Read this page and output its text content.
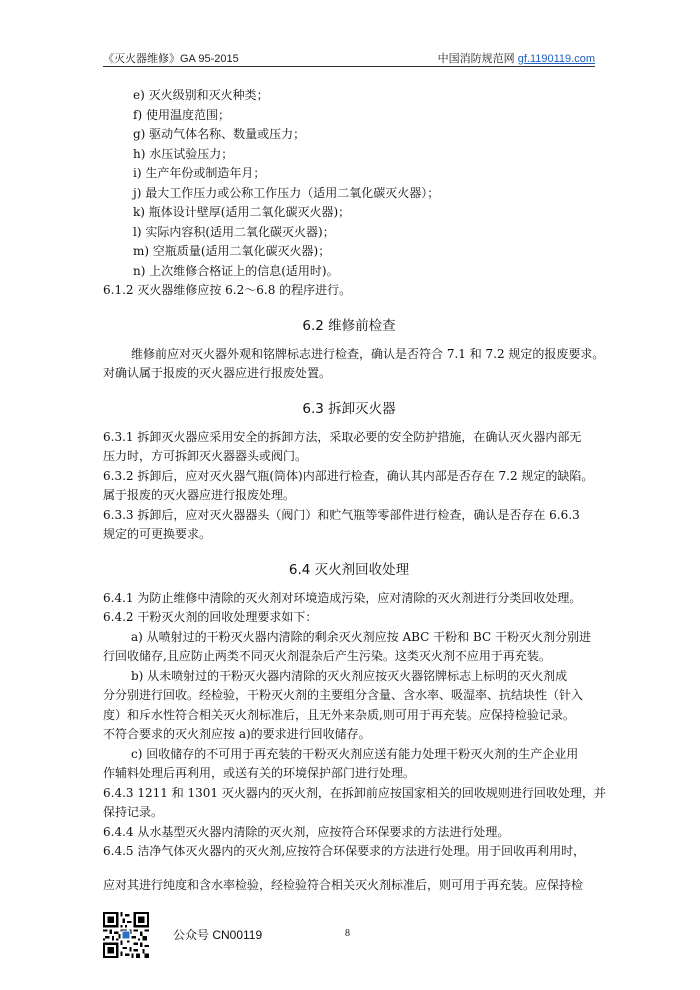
《灭火器维修》GA 95-2015	中国消防规范网 gf.1190119.com
e) 灭火级别和灭火种类；
f) 使用温度范围；
g) 驱动气体名称、数量或压力；
h) 水压试验压力；
i) 生产年份或制造年月；
j) 最大工作压力或公称工作压力（适用二氧化碳灭火器）；
k) 瓶体设计壁厚(适用二氧化碳灭火器)；
l) 实际内容积(适用二氧化碳灭火器)；
m) 空瓶质量(适用二氧化碳灭火器)；
n) 上次维修合格证上的信息(适用时)。
6.1.2 灭火器维修应按 6.2～6.8 的程序进行。
6.2 维修前检查
维修前应对灭火器外观和铭牌标志进行检查，确认是否符合 7.1 和 7.2 规定的报废要求。
对确认属于报废的灭火器应进行报废处置。
6.3 拆卸灭火器
6.3.1 拆卸灭火器应采用安全的拆卸方法，采取必要的安全防护措施，在确认灭火器内部无
压力时，方可拆卸灭火器器头或阀门。
6.3.2 拆卸后，应对灭火器气瓶(筒体)内部进行检查，确认其内部是否存在 7.2 规定的缺陷。
属于报废的灭火器应进行报废处理。
6.3.3 拆卸后，应对灭火器器头（阀门）和贮气瓶等零部件进行检查，确认是否存在 6.6.3
规定的可更换要求。
6.4 灭火剂回收处理
6.4.1 为防止维修中清除的灭火剂对环境造成污染，应对清除的灭火剂进行分类回收处理。
6.4.2 干粉灭火剂的回收处理要求如下：
a) 从喷射过的干粉灭火器内清除的剩余灭火剂应按 ABC 干粉和 BC 干粉灭火剂分别进
行回收储存,且应防止两类不同灭火剂混杂后产生污染。这类灭火剂不应用于再充装。
b) 从未喷射过的干粉灭火器内清除的灭火剂应按灭火器铭牌标志上标明的灭火剂成
分分别进行回收。经检验，干粉灭火剂的主要组分含量、含水率、吸湿率、抗结块性（针入
度）和斥水性符合相关灭火剂标准后，且无外来杂质,则可用于再充装。应保持检验记录。
不符合要求的灭火剂应按 a)的要求进行回收储存。
c) 回收储存的不可用于再充装的干粉灭火剂应送有能力处理干粉灭火剂的生产企业用
作辅料处理后再利用，或送有关的环境保护部门进行处理。
6.4.3 1211 和 1301 灭火器内的灭火剂，在拆卸前应按国家相关的回收规则进行回收处理，并
保持记录。
6.4.4 从水基型灭火器内清除的灭火剂，应按符合环保要求的方法进行处理。
6.4.5 洁净气体灭火器内的灭火剂,应按符合环保要求的方法进行处理。用于回收再利用时，
应对其进行纯度和含水率检验，经检验符合相关灭火剂标准后，则可用于再充装。应保持检
公众号 CN00119	8
